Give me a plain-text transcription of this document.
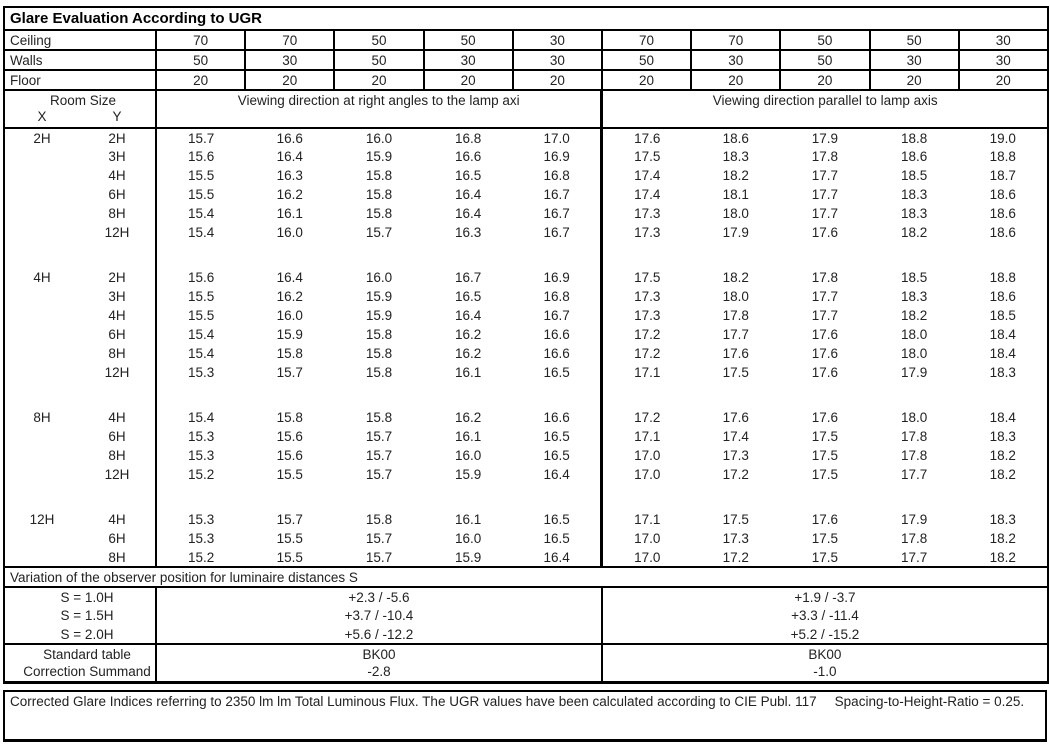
Glare Evaluation According to UGR											
Ceiling		70	70	50	50	30	70	70	50	50	30
Walls		50	30	50	30	30	50	30	50	30	30
Floor		20	20	20	20	20	20	20	20	20	20

Room Size
X Y		Viewing direction at right angles to the lamp axi					Viewing direction parallel to lamp axis				
2H	2H	15.7	16.6	16.0	16.8	17.0	17.6	18.6	17.9	18.8	19.0
	3H	15.6	16.4	15.9	16.6	16.9	17.5	18.3	17.8	18.6	18.8
	4H	15.5	16.3	15.8	16.5	16.8	17.4	18.2	17.7	18.5	18.7
	6H	15.5	16.2	15.8	16.4	16.7	17.4	18.1	17.7	18.3	18.6
	8H	15.4	16.1	15.8	16.4	16.7	17.3	18.0	17.7	18.3	18.6
	12H	15.4	16.0	15.7	16.3	16.7	17.3	17.9	17.6	18.2	18.6

4H	2H	15.6	16.4	16.0	16.7	16.9	17.5	18.2	17.8	18.5	18.8
	3H	15.5	16.2	15.9	16.5	16.8	17.3	18.0	17.7	18.3	18.6
	4H	15.5	16.0	15.9	16.4	16.7	17.3	17.8	17.7	18.2	18.5
	6H	15.4	15.9	15.8	16.2	16.6	17.2	17.7	17.6	18.0	18.4
	8H	15.4	15.8	15.8	16.2	16.6	17.2	17.6	17.6	18.0	18.4
	12H	15.3	15.7	15.8	16.1	16.5	17.1	17.5	17.6	17.9	18.3

8H	4H	15.4	15.8	15.8	16.2	16.6	17.2	17.6	17.6	18.0	18.4
	6H	15.3	15.6	15.7	16.1	16.5	17.1	17.4	17.5	17.8	18.3
	8H	15.3	15.6	15.7	16.0	16.5	17.0	17.3	17.5	17.8	18.2
	12H	15.2	15.5	15.7	15.9	16.4	17.0	17.2	17.5	17.7	18.2

12H	4H	15.3	15.7	15.8	16.1	16.5	17.1	17.5	17.6	17.9	18.3
	6H	15.3	15.5	15.7	16.0	16.5	17.0	17.3	17.5	17.8	18.2
	8H	15.2	15.5	15.7	15.9	16.4	17.0	17.2	17.5	17.7	18.2
Variation of the observer position for luminaire distances S											
S = 1.0H		+2.3 / -5.6					+1.9 / -3.7				
S = 1.5H		+3.7 / -10.4					+3.3 / -11.4				
S = 2.0H		+5.6 / -12.2					+5.2 / -15.2				
Standard table		BK00					BK00				
Correction Summand		-2.8					-1.0				
Corrected Glare Indices referring to 2350 lm lm Total Luminous Flux. The UGR values have been calculated according to CIE Publ. 117 Spacing-to-Height-Ratio = 0.25.
